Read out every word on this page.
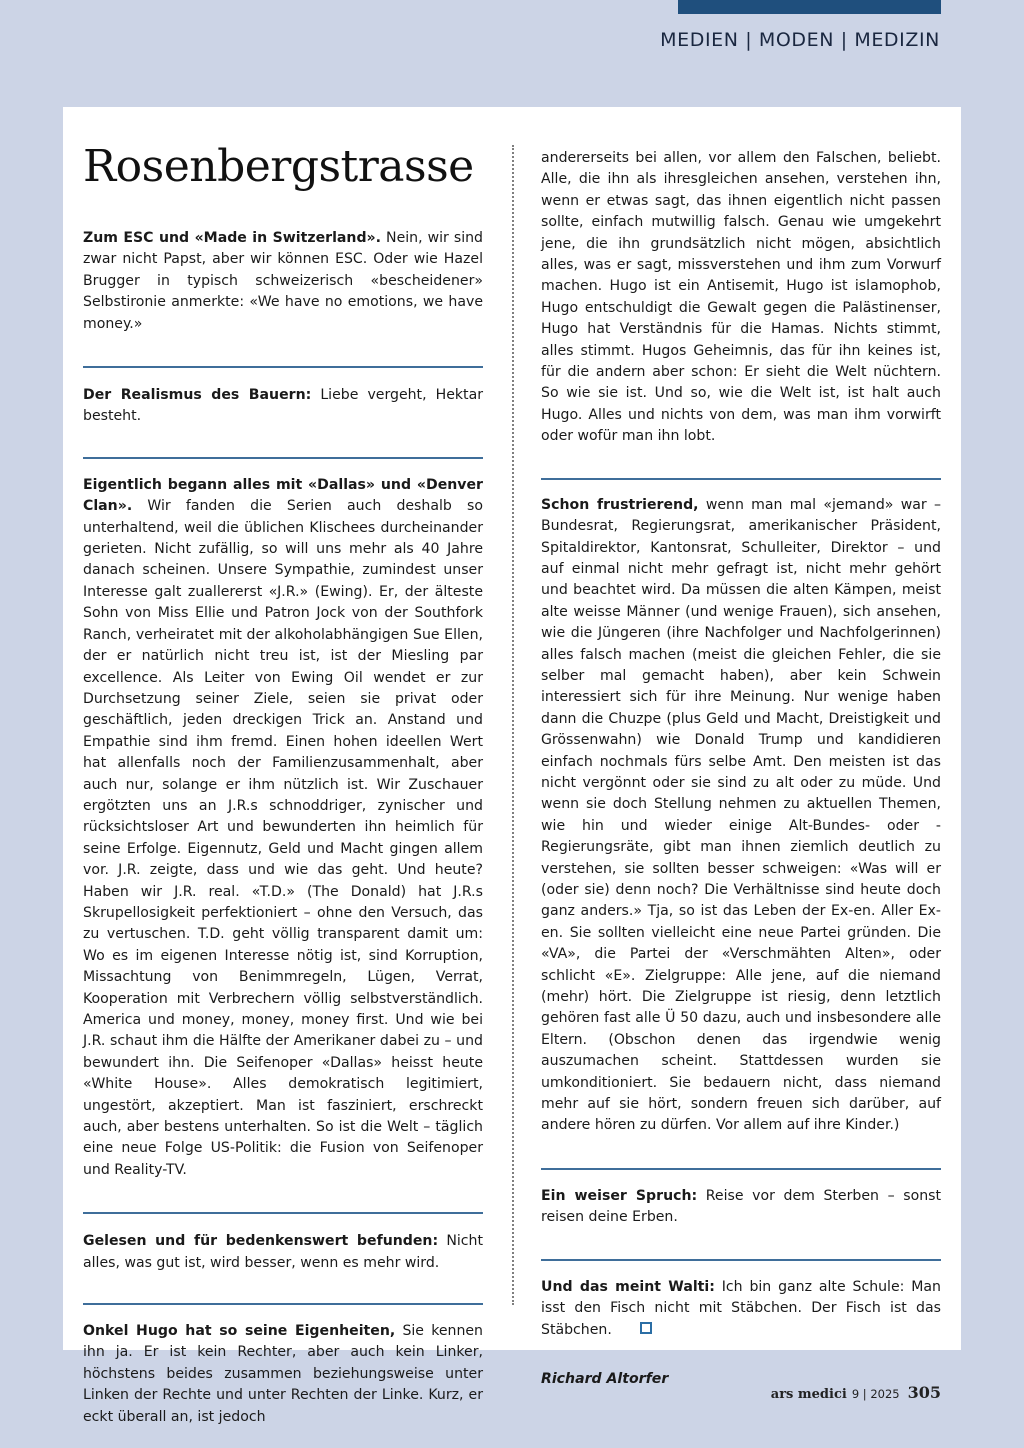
MEDIEN | MODEN | MEDIZIN
Rosenbergstrasse

Zum ESC und «Made in Switzerland». Nein, wir sind zwar nicht Papst, aber wir können ESC. Oder wie Hazel Brugger in typisch schweizerisch «bescheidener» Selbstironie anmerkte: «We have no emotions, we have money.»

Der Realismus des Bauern: Liebe vergeht, Hektar besteht.

Eigentlich begann alles mit «Dallas» und «Denver Clan». Wir fanden die Serien auch deshalb so unterhaltend, weil die üblichen Klischees durcheinander gerieten. Nicht zufällig, so will uns mehr als 40 Jahre danach scheinen. Unsere Sympathie, zumindest unser Interesse galt zuallererst «J.R.» (Ewing). Er, der älteste Sohn von Miss Ellie und Patron Jock von der Southfork Ranch, verheiratet mit der alkoholabhängigen Sue Ellen, der er natürlich nicht treu ist, ist der Miesling par excellence. Als Leiter von Ewing Oil wendet er zur Durchsetzung seiner Ziele, seien sie privat oder geschäftlich, jeden dreckigen Trick an. Anstand und Empathie sind ihm fremd. Einen hohen ideellen Wert hat allenfalls noch der Familienzusammenhalt, aber auch nur, solange er ihm nützlich ist. Wir Zuschauer ergötzten uns an J.R.s schnoddriger, zynischer und rücksichtsloser Art und bewunderten ihn heimlich für seine Erfolge. Eigennutz, Geld und Macht gingen allem vor. J.R. zeigte, dass und wie das geht. Und heute? Haben wir J.R. real. «T.D.» (The Donald) hat J.R.s Skrupellosigkeit perfektioniert – ohne den Versuch, das zu vertuschen. T.D. geht völlig transparent damit um: Wo es im eigenen Interesse nötig ist, sind Korruption, Missachtung von Benimmregeln, Lügen, Verrat, Kooperation mit Verbrechern völlig selbstverständlich. America und money, money, money first. Und wie bei J.R. schaut ihm die Hälfte der Amerikaner dabei zu – und bewundert ihn. Die Seifenoper «Dallas» heisst heute «White House». Alles demokratisch legitimiert, ungestört, akzeptiert. Man ist fasziniert, erschreckt auch, aber bestens unterhalten. So ist die Welt – täglich eine neue Folge US-Politik: die Fusion von Seifenoper und Reality-TV.

Gelesen und für bedenkenswert befunden: Nicht alles, was gut ist, wird besser, wenn es mehr wird.

Onkel Hugo hat so seine Eigenheiten, Sie kennen ihn ja. Er ist kein Rechter, aber auch kein Linker, höchstens beides zusammen beziehungsweise unter Linken der Rechte und unter Rechten der Linke. Kurz, er eckt überall an, ist jedoch

andererseits bei allen, vor allem den Falschen, beliebt. Alle, die ihn als ihresgleichen ansehen, verstehen ihn, wenn er etwas sagt, das ihnen eigentlich nicht passen sollte, einfach mutwillig falsch. Genau wie umgekehrt jene, die ihn grundsätzlich nicht mögen, absichtlich alles, was er sagt, missverstehen und ihm zum Vorwurf machen. Hugo ist ein Antisemit, Hugo ist islamophob, Hugo entschuldigt die Gewalt gegen die Palästinenser, Hugo hat Verständnis für die Hamas. Nichts stimmt, alles stimmt. Hugos Geheimnis, das für ihn keines ist, für die andern aber schon: Er sieht die Welt nüchtern. So wie sie ist. Und so, wie die Welt ist, ist halt auch Hugo. Alles und nichts von dem, was man ihm vorwirft oder wofür man ihn lobt.

Schon frustrierend, wenn man mal «jemand» war – Bundesrat, Regierungsrat, amerikanischer Präsident, Spitaldirektor, Kantonsrat, Schulleiter, Direktor – und auf einmal nicht mehr gefragt ist, nicht mehr gehört und beachtet wird. Da müssen die alten Kämpen, meist alte weisse Männer (und wenige Frauen), sich ansehen, wie die Jüngeren (ihre Nachfolger und Nachfolgerinnen) alles falsch machen (meist die gleichen Fehler, die sie selber mal gemacht haben), aber kein Schwein interessiert sich für ihre Meinung. Nur wenige haben dann die Chuzpe (plus Geld und Macht, Dreistigkeit und Grössenwahn) wie Donald Trump und kandidieren einfach nochmals fürs selbe Amt. Den meisten ist das nicht vergönnt oder sie sind zu alt oder zu müde. Und wenn sie doch Stellung nehmen zu aktuellen Themen, wie hin und wieder einige Alt-Bundes- oder -Regierungsräte, gibt man ihnen ziemlich deutlich zu verstehen, sie sollten besser schweigen: «Was will er (oder sie) denn noch? Die Verhältnisse sind heute doch ganz anders.» Tja, so ist das Leben der Ex-en. Aller Ex-en. Sie sollten vielleicht eine neue Partei gründen. Die «VA», die Partei der «Verschmähten Alten», oder schlicht «E». Zielgruppe: Alle jene, auf die niemand (mehr) hört. Die Zielgruppe ist riesig, denn letztlich gehören fast alle Ü 50 dazu, auch und insbesondere alle Eltern. (Obschon denen das irgendwie wenig auszumachen scheint. Stattdessen wurden sie umkonditioniert. Sie bedauern nicht, dass niemand mehr auf sie hört, sondern freuen sich darüber, auf andere hören zu dürfen. Vor allem auf ihre Kinder.)

Ein weiser Spruch: Reise vor dem Sterben – sonst reisen deine Erben.

Und das meint Walti: Ich bin ganz alte Schule: Man isst den Fisch nicht mit Stäbchen. Der Fisch ist das Stäbchen.

Richard Altorfer

ars medici 9 | 2025 305
